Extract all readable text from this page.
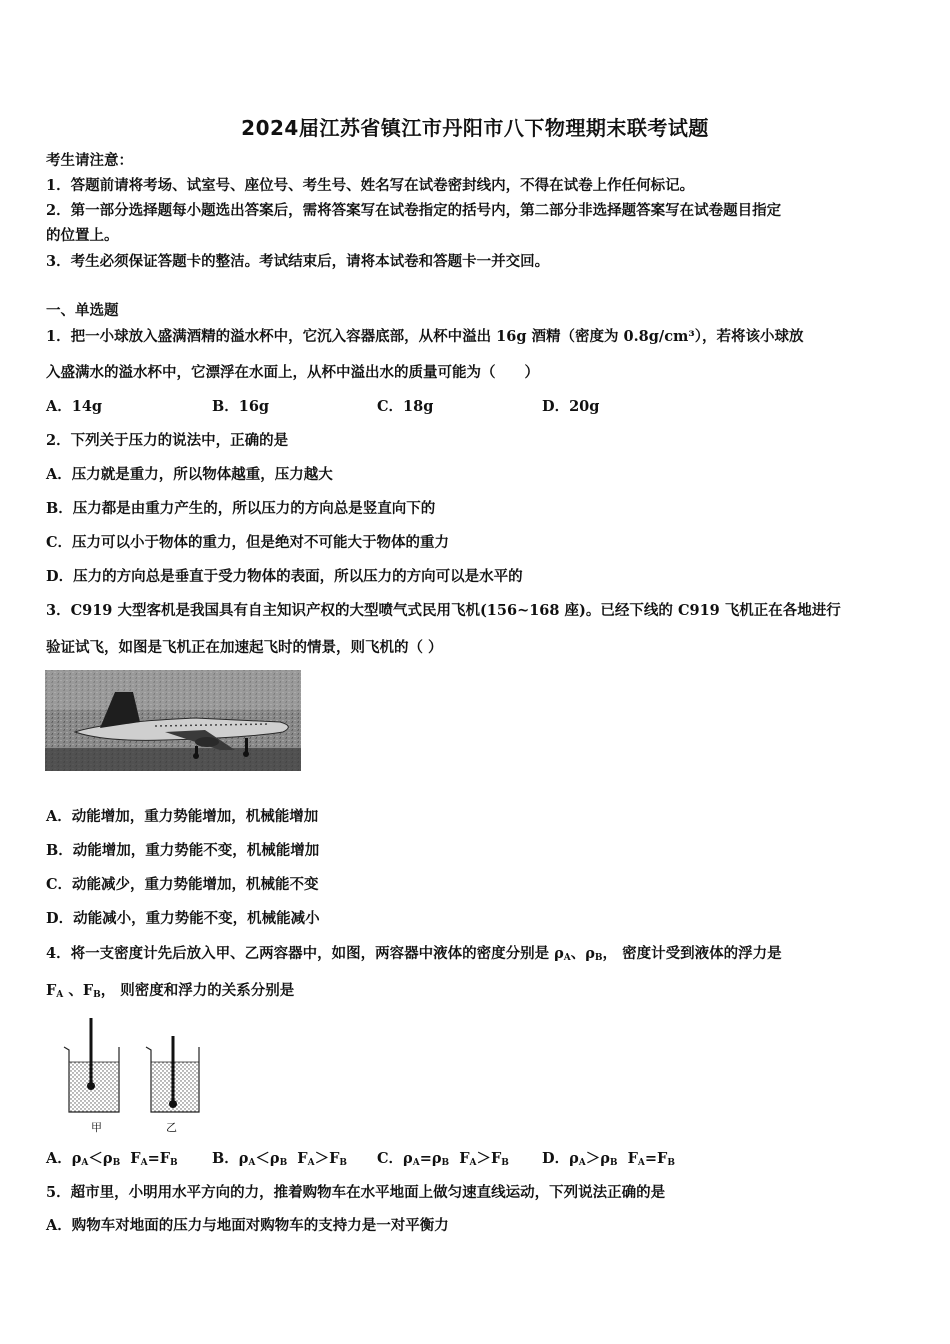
2024届江苏省镇江市丹阳市八下物理期末联考试题
考生请注意：
1．答题前请将考场、试室号、座位号、考生号、姓名写在试卷密封线内，不得在试卷上作任何标记。
2．第一部分选择题每小题选出答案后，需将答案写在试卷指定的括号内，第二部分非选择题答案写在试卷题目指定
的位置上。
3．考生必须保证答题卡的整洁。考试结束后，请将本试卷和答题卡一并交回。
一、单选题
1．把一小球放入盛满酒精的溢水杯中，它沉入容器底部，从杯中溢出 16g 酒精（密度为 0.8g/cm³），若将该小球放
入盛满水的溢水杯中，它漂浮在水面上，从杯中溢出水的质量可能为（　　）
A．14g	B．16g	C．18g	D．20g
2．下列关于压力的说法中，正确的是
A．压力就是重力，所以物体越重，压力越大
B．压力都是由重力产生的，所以压力的方向总是竖直向下的
C．压力可以小于物体的重力，但是绝对不可能大于物体的重力
D．压力的方向总是垂直于受力物体的表面，所以压力的方向可以是水平的
3．C919 大型客机是我国具有自主知识产权的大型喷气式民用飞机(156~168 座)。已经下线的 C919 飞机正在各地进行
验证试飞，如图是飞机正在加速起飞时的情景，则飞机的（ ）
A．动能增加，重力势能增加，机械能增加
B．动能增加，重力势能不变，机械能增加
C．动能减少，重力势能增加，机械能不变
D．动能减小，重力势能不变，机械能减小
4．将一支密度计先后放入甲、乙两容器中，如图，两容器中液体的密度分别是 $\rho_A$、$\rho_B$， 密度计受到液体的浮力是
$F_A$ 、$F_B$， 则密度和浮力的关系分别是
甲	乙
A．$\rho_A<\rho_B$ $F_A=F_B$ B．$\rho_A<\rho_B$ $F_A>F_B$ C．$\rho_A=\rho_B$ $F_A>F_B$ D．$\rho_A>\rho_B$ $F_A=F_B$
5．超市里，小明用水平方向的力，推着购物车在水平地面上做匀速直线运动，下列说法正确的是
A．购物车对地面的压力与地面对购物车的支持力是一对平衡力
